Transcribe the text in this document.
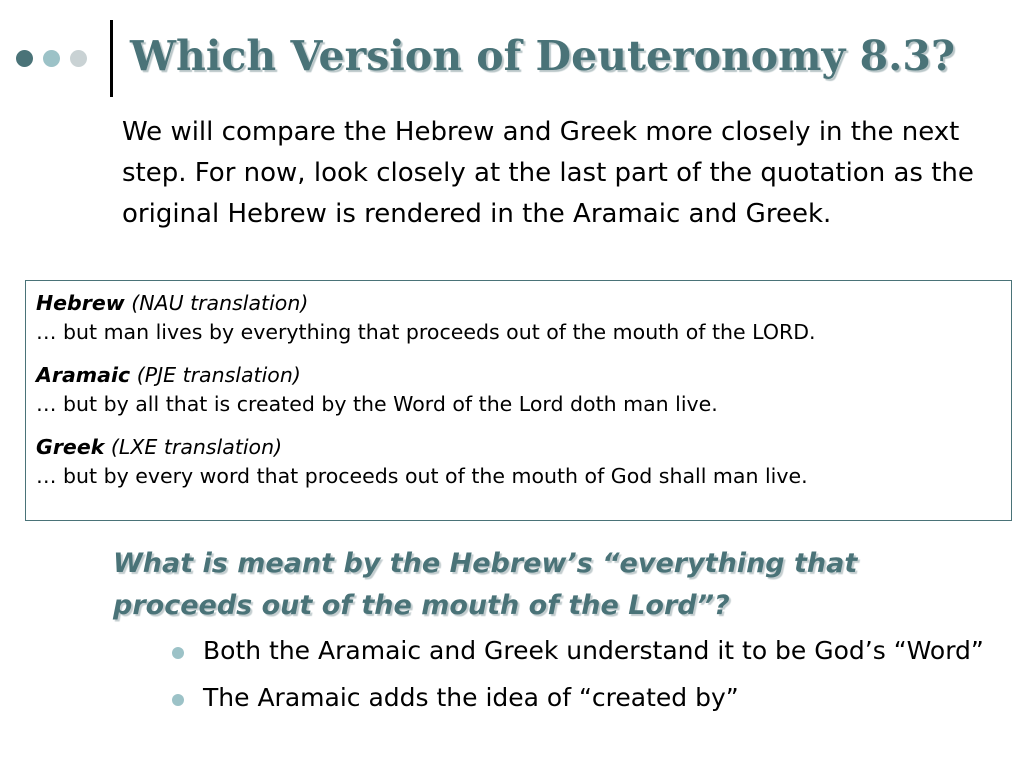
Which Version of Deuteronomy 8.3?

We will compare the Hebrew and Greek more closely in the next step. For now, look closely at the last part of the quotation as the original Hebrew is rendered in the Aramaic and Greek.

Hebrew (NAU translation)
… but man lives by everything that proceeds out of the mouth of the LORD.
Aramaic (PJE translation)
… but by all that is created by the Word of the Lord doth man live.
Greek (LXE translation)
… but by every word that proceeds out of the mouth of God shall man live.

What is meant by the Hebrew’s “everything that proceeds out of the mouth of the Lord”?

Both the Aramaic and Greek understand it to be God’s “Word”
The Aramaic adds the idea of “created by”
